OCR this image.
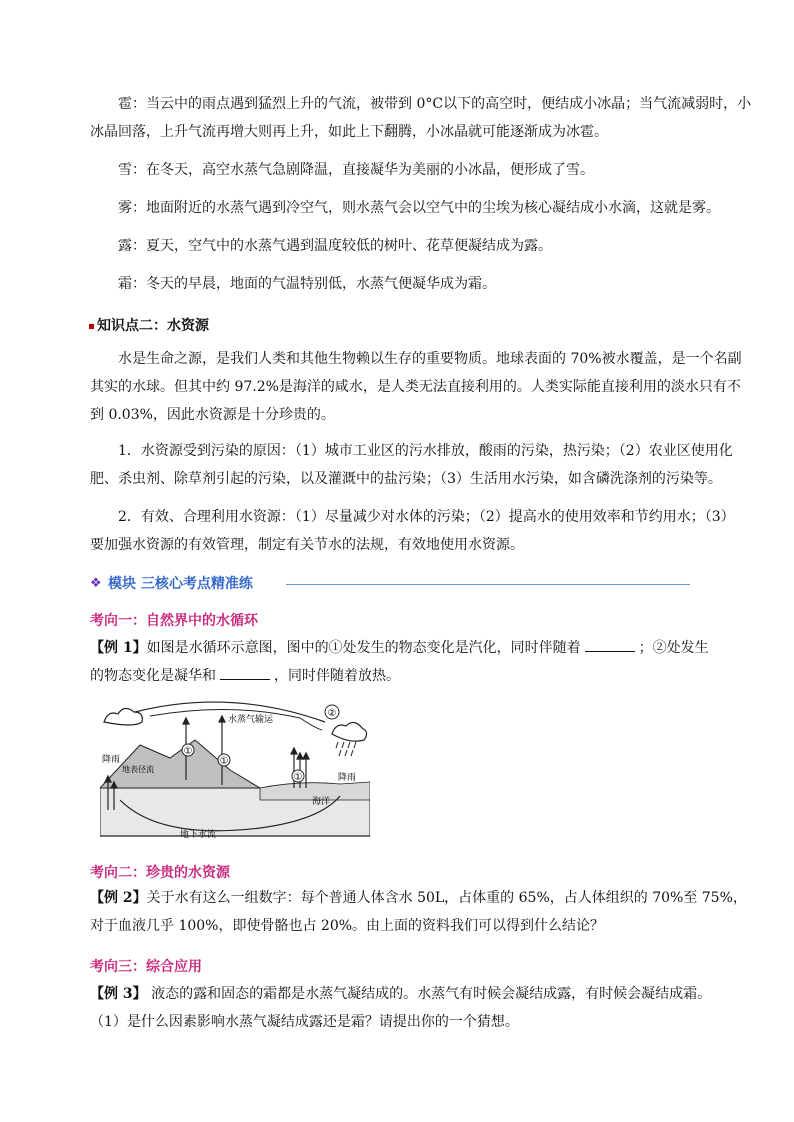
雹：当云中的雨点遇到猛烈上升的气流，被带到 0°C以下的高空时，便结成小冰晶；当气流减弱时，小
冰晶回落，上升气流再增大则再上升，如此上下翻腾，小冰晶就可能逐渐成为冰雹。
雪：在冬天，高空水蒸气急剧降温，直接凝华为美丽的小冰晶，便形成了雪。
雾：地面附近的水蒸气遇到冷空气，则水蒸气会以空气中的尘埃为核心凝结成小水滴，这就是雾。
露：夏天，空气中的水蒸气遇到温度较低的树叶、花草便凝结成为露。
霜：冬天的早晨，地面的气温特别低，水蒸气便凝华成为霜。
知识点二：水资源
水是生命之源，是我们人类和其他生物赖以生存的重要物质。地球表面的 70%被水覆盖，是一个名副
其实的水球。但其中约 97.2%是海洋的咸水，是人类无法直接利用的。人类实际能直接利用的淡水只有不
到 0.03%，因此水资源是十分珍贵的。
1．水资源受到污染的原因：（1）城市工业区的污水排放，酸雨的污染，热污染；（2）农业区使用化
肥、杀虫剂、除草剂引起的污染，以及灌溉中的盐污染；（3）生活用水污染，如含磷洗涤剂的污染等。
2．有效、合理利用水资源：（1）尽量减少对水体的污染；（2）提高水的使用效率和节约用水；（3）
要加强水资源的有效管理，制定有关节水的法规，有效地使用水资源。
❖ 模块 三核心考点精准练
考向一：自然界中的水循环
【例 1】如图是水循环示意图，图中的①处发生的物态变化是汽化，同时伴随着	；②处发生
的物态变化是凝华和	，同时伴随着放热。
①
①
①
②
水蒸气输运
降雨
地表径流
降雨
海洋
地下水流
考向二：珍贵的水资源
【例 2】关于水有这么一组数字：每个普通人体含水 50L，占体重的 65%，占人体组织的 70%至 75%，
对于血液几乎 100%，即使骨骼也占 20%。由上面的资料我们可以得到什么结论？
考向三：综合应用
【例 3】 液态的露和固态的霜都是水蒸气凝结成的。水蒸气有时候会凝结成露，有时候会凝结成霜。
（1）是什么因素影响水蒸气凝结成露还是霜？请提出你的一个猜想。
